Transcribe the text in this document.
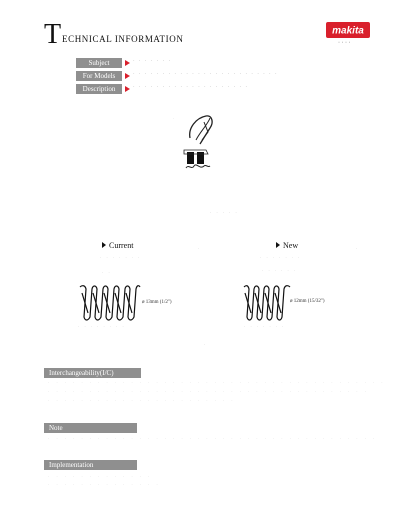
T ECHNICAL INFORMATION
makita
· · · ·
Subject	· · · · · · ·
For Models	· · · · · · · · · · · · · · · · · · · · · · · · ·
Description	· · · · · · · · · · · · · · · · · · · ·
·
· · · · ·
Current	New
·	·
· · · · · · ·	· · · · · · ·
· ·	· · · · · ·
ø 13mm (1/2")
· · · · · · · ·
ø 12mm (15/32")
· · · · · · ·
·
Interchangeability(I/C)
· · · · · · · · · · · · · · · · · · · · · · · · · · · · · · · · · · · · · · · · ·
· · · · · · · · · · · · · · · · · · · · · · · · · · · · · · · · · · · · · · ·
· · · · · · · · · · · · · · · · · · · · · · ·
Note
· · · · · · · · · · · · · · · · · · · · · · · · · · · · · · · · · · · · · · · ·
Implementation
· · · · · · · · · · · · ·
· · · · · · · · · · · · · ·
